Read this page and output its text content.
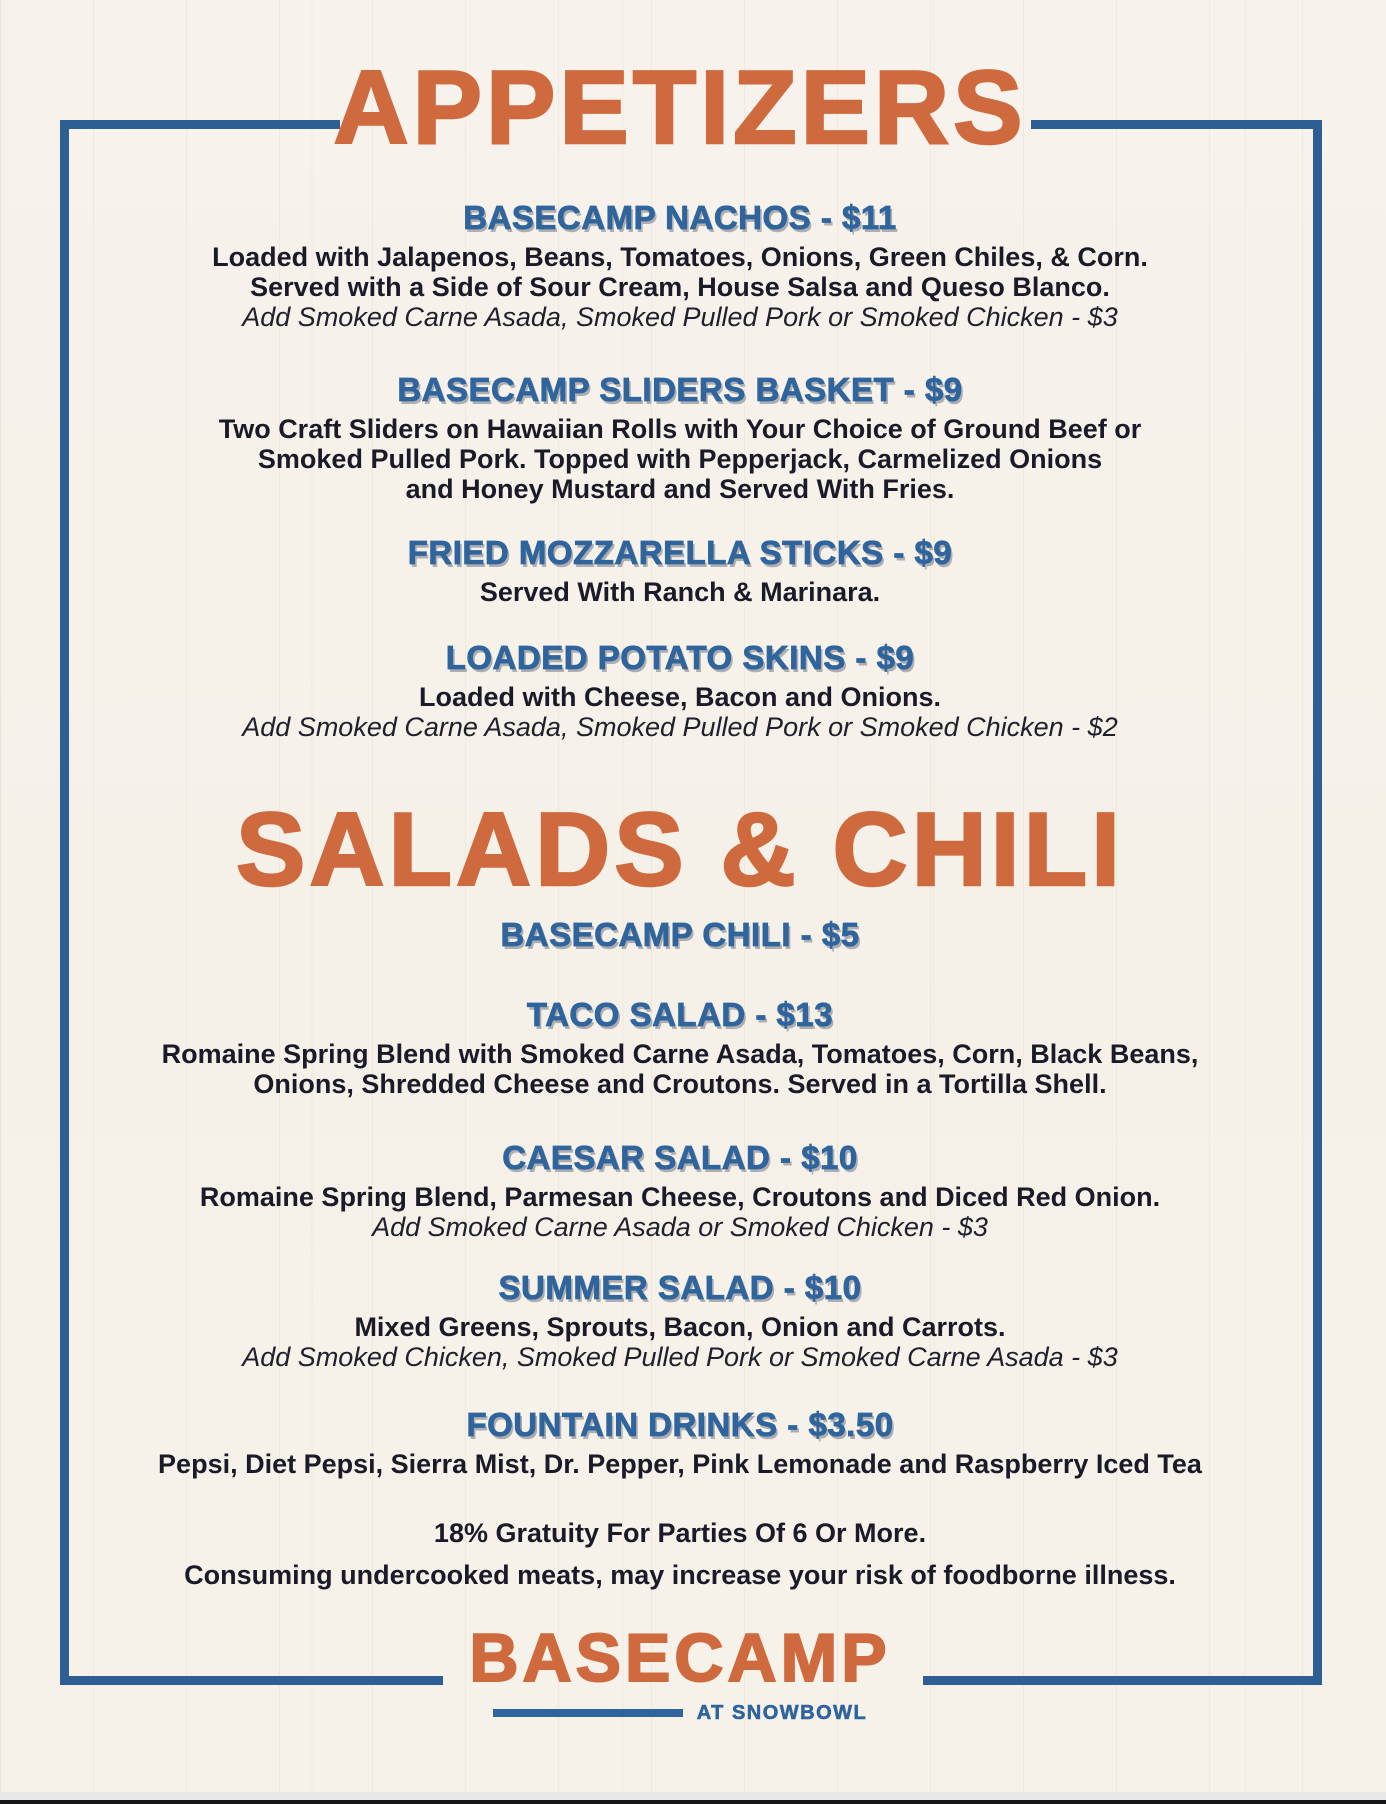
APPETIZERS
BASECAMP NACHOS - $11
Loaded with Jalapenos, Beans, Tomatoes, Onions, Green Chiles, & Corn.
Served with a Side of Sour Cream, House Salsa and Queso Blanco.
Add Smoked Carne Asada, Smoked Pulled Pork or Smoked Chicken - $3
BASECAMP SLIDERS BASKET - $9
Two Craft Sliders on Hawaiian Rolls with Your Choice of Ground Beef or
Smoked Pulled Pork. Topped with Pepperjack, Carmelized Onions
and Honey Mustard and Served With Fries.
FRIED MOZZARELLA STICKS - $9
Served With Ranch & Marinara.
LOADED POTATO SKINS - $9
Loaded with Cheese, Bacon and Onions.
Add Smoked Carne Asada, Smoked Pulled Pork or Smoked Chicken - $2
SALADS & CHILI
BASECAMP CHILI - $5
TACO SALAD - $13
Romaine Spring Blend with Smoked Carne Asada, Tomatoes, Corn, Black Beans,
Onions, Shredded Cheese and Croutons. Served in a Tortilla Shell.
CAESAR SALAD - $10
Romaine Spring Blend, Parmesan Cheese, Croutons and Diced Red Onion.
Add Smoked Carne Asada or Smoked Chicken - $3
SUMMER SALAD - $10
Mixed Greens, Sprouts, Bacon, Onion and Carrots.
Add Smoked Chicken, Smoked Pulled Pork or Smoked Carne Asada - $3
FOUNTAIN DRINKS - $3.50
Pepsi, Diet Pepsi, Sierra Mist, Dr. Pepper, Pink Lemonade and Raspberry Iced Tea
18% Gratuity For Parties Of 6 Or More.
Consuming undercooked meats, may increase your risk of foodborne illness.
BASECAMP
AT SNOWBOWL
